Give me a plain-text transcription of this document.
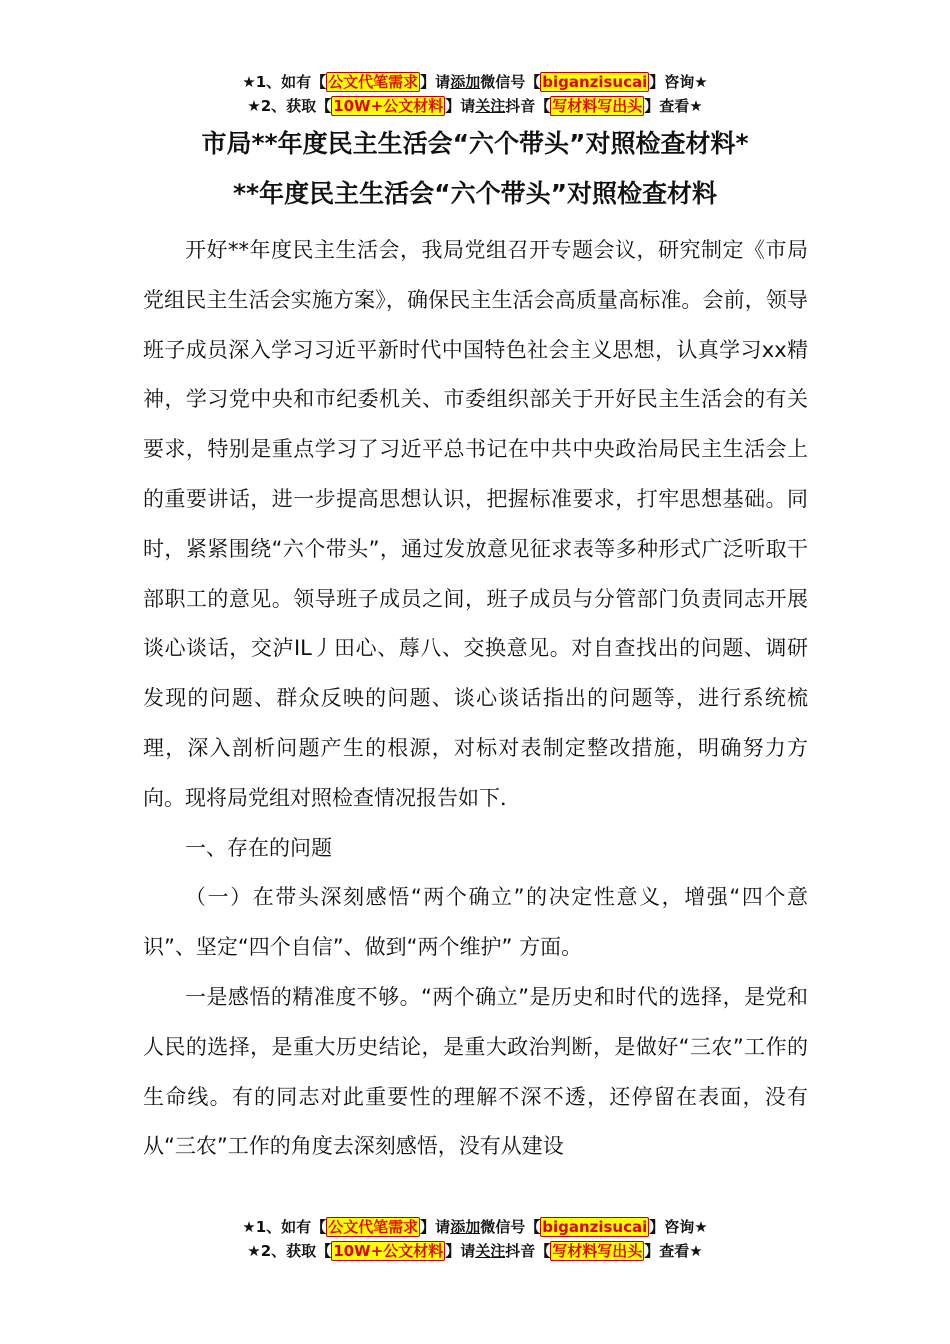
★1、如有【 公文代笔需求 】请添加微信号【 biganzisucai 】咨询★
★2、获取【 10W+公文材料 】请关注抖音【 写材料写出头 】查看★
市局**年度民主生活会“六个带头”对照检查材料*
**年度民主生活会“六个带头”对照检查材料

开好**年度民主生活会，我局党组召开专题会议，研究制定《市局党组民主生活会实施方案》，确保民主生活会高质量高标准。会前，领导班子成员深入学习习近平新时代中国特色社会主义思想，认真学习xx精神，学习党中央和市纪委机关、市委组织部关于开好民主生活会的有关要求，特别是重点学习了习近平总书记在中共中央政治局民主生活会上的重要讲话，进一步提高思想认识，把握标准要求，打牢思想基础。同时，紧紧围绕“六个带头”，通过发放意见征求表等多种形式广泛听取干部职工的意见。领导班子成员之间，班子成员与分管部门负责同志开展谈心谈话，交泸IL丿田心、蓐八、交换意见。对自查找出的问题、调研发现的问题、群众反映的问题、谈心谈话指出的问题等，进行系统梳理，深入剖析问题产生的根源，对标对表制定整改措施，明确努力方向。现将局党组对照检查情况报告如下．

一、存在的问题

（一）在带头深刻感悟“两个确立”的决定性意义，增强“四个意识”、坚定“四个自信”、做到“两个维护” 方面。

一是感悟的精准度不够。“两个确立”是历史和时代的选择，是党和人民的选择，是重大历史结论，是重大政治判断，是做好“三农”工作的生命线。有的同志对此重要性的理解不深不透，还停留在表面，没有从“三农”工作的角度去深刻感悟，没有从建设

★1、如有【 公文代笔需求 】请添加微信号【 biganzisucai 】咨询★
★2、获取【 10W+公文材料 】请关注抖音【 写材料写出头 】查看★
